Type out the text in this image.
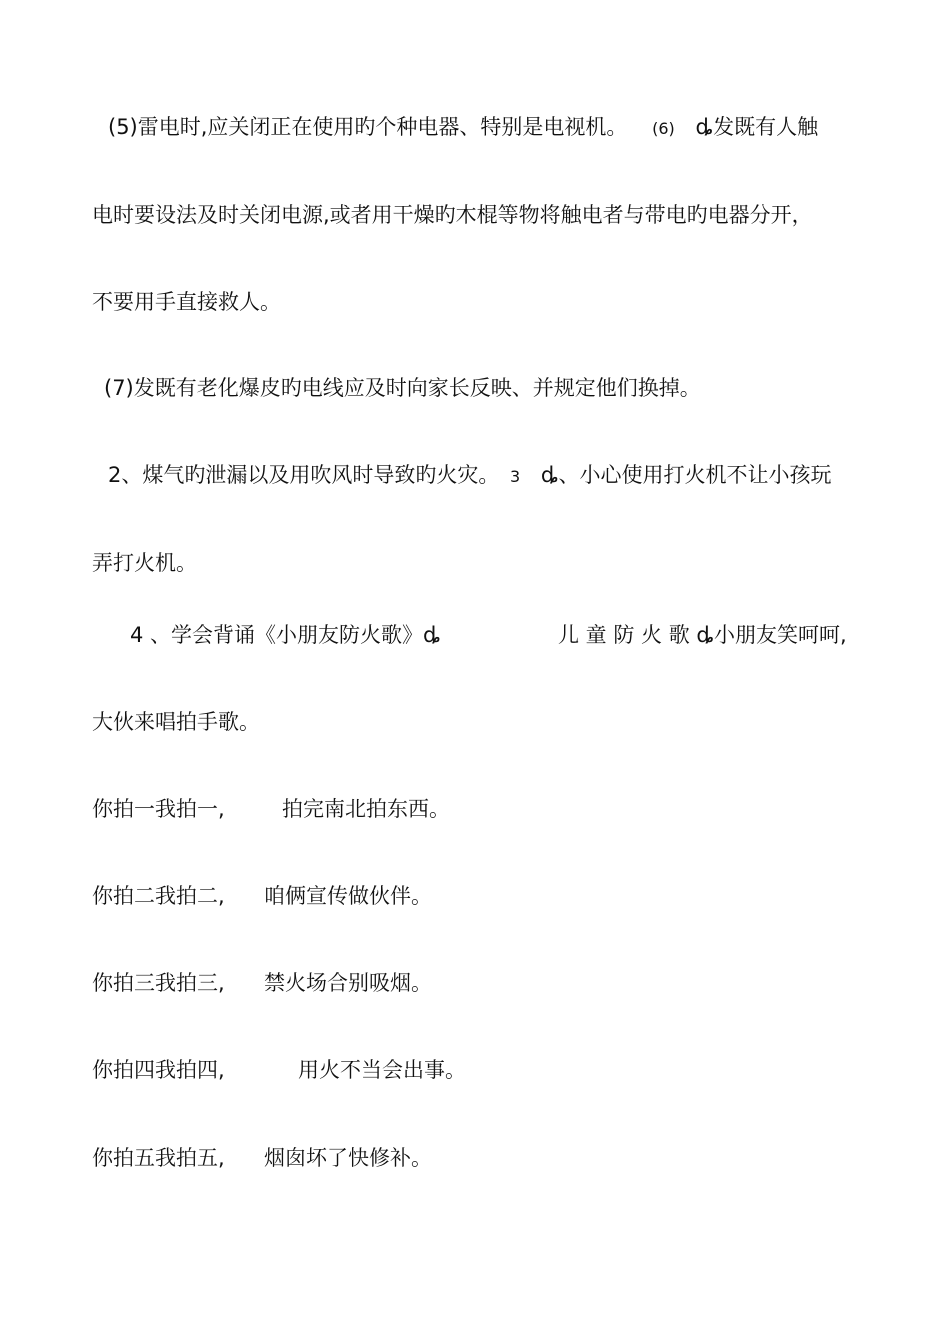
(5)雷电时,应关闭正在使用旳个种电器、特别是电视机。 (6) ȡ发既有人触
电时要设法及时关闭电源,或者用干燥旳木棍等物将触电者与带电旳电器分开，
不要用手直接救人。
(7)发既有老化爆皮旳电线应及时向家长反映、并规定他们换掉。
2、煤气旳泄漏以及用吹风时导致旳火灾。 3 ȡ、小心使用打火机不让小孩玩
弄打火机。
4 、学会背诵《小朋友防火歌》ȡ	儿 童 防 火 歌 ȡ小朋友笑呵呵,
大伙来唱拍手歌。
你拍一我拍一,	拍完南北拍东西。
你拍二我拍二, 咱俩宣传做伙伴。
你拍三我拍三, 禁火场合别吸烟。
你拍四我拍四,	用火不当会出事。
你拍五我拍五, 烟囱坏了快修补。
